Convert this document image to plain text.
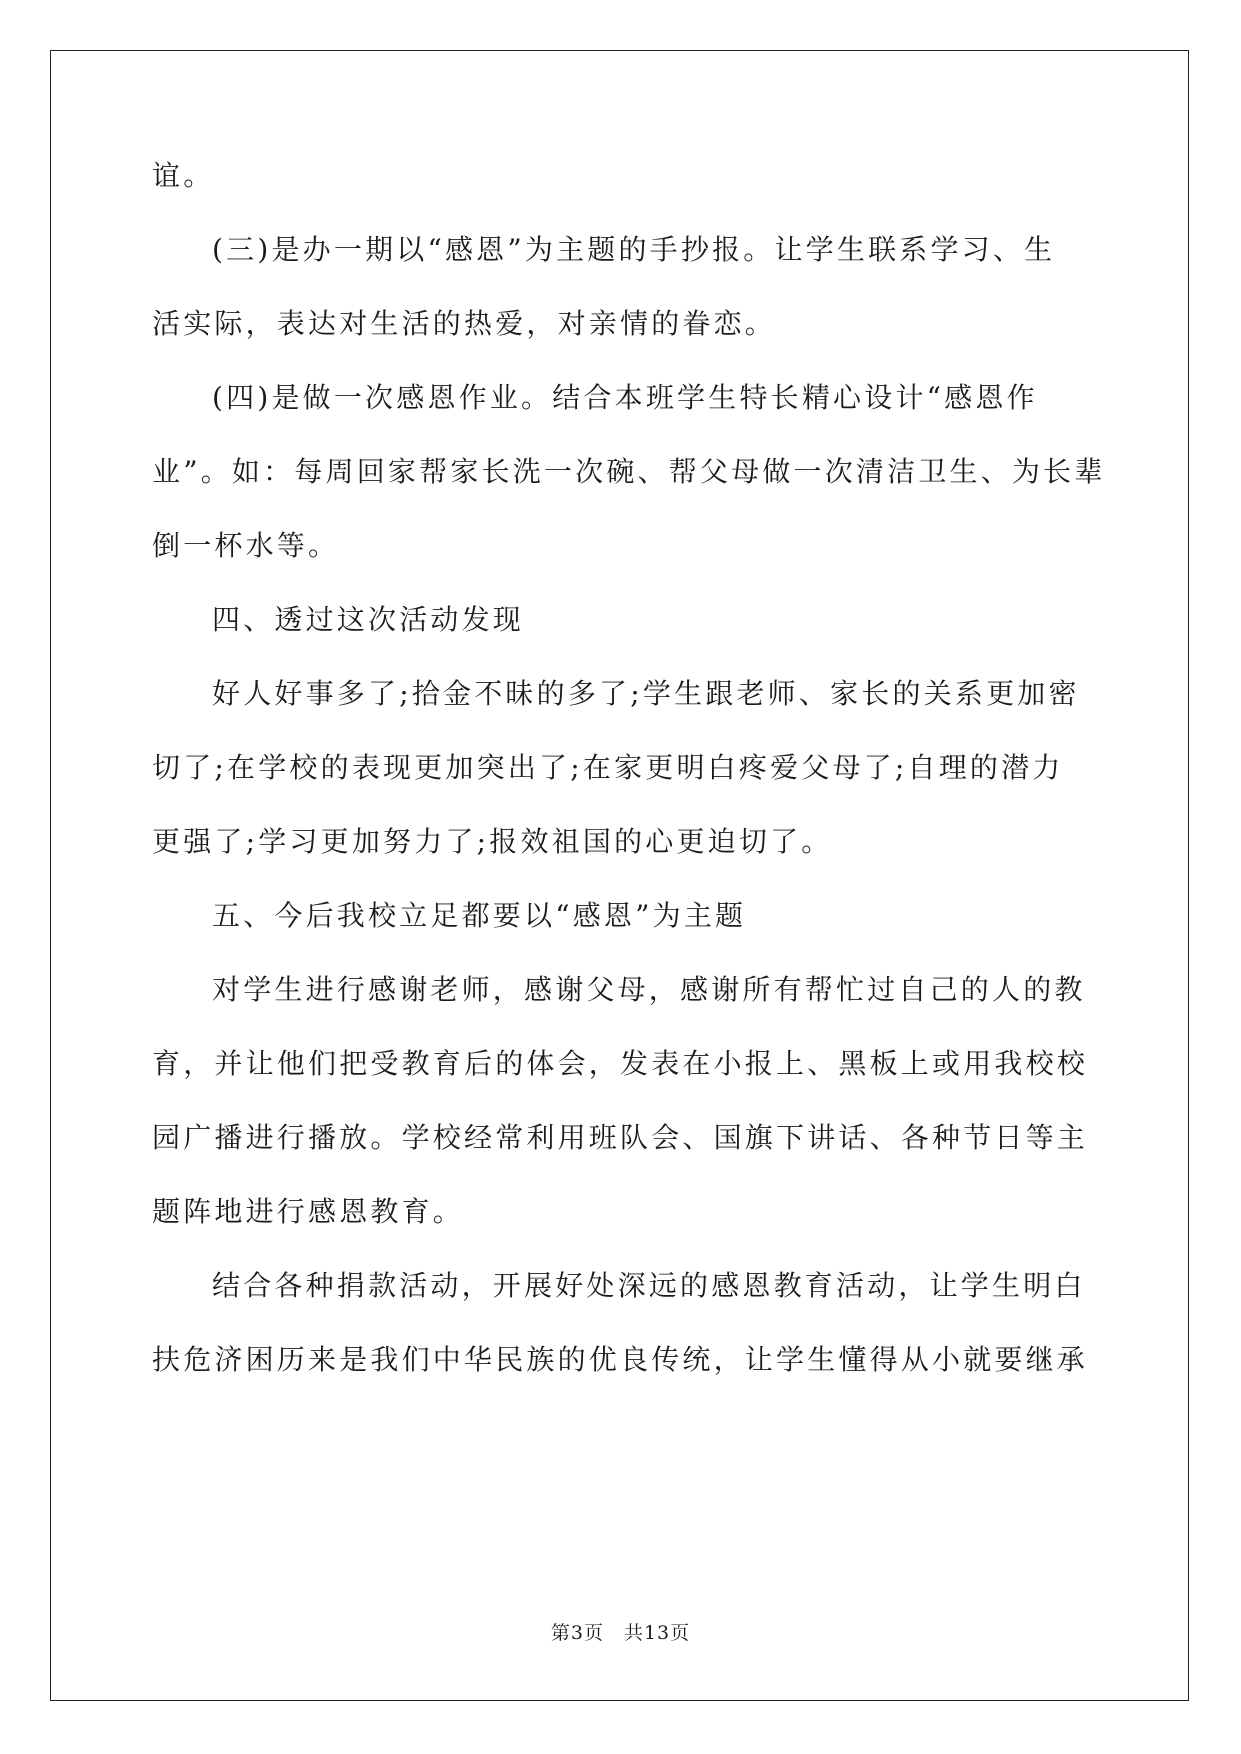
谊。
(三)是办一期以“感恩”为主题的手抄报。让学生联系学习、生
活实际，表达对生活的热爱，对亲情的眷恋。
(四)是做一次感恩作业。结合本班学生特长精心设计“感恩作
业”。如：每周回家帮家长洗一次碗、帮父母做一次清洁卫生、为长辈
倒一杯水等。
四、透过这次活动发现
好人好事多了;拾金不昧的多了;学生跟老师、家长的关系更加密
切了;在学校的表现更加突出了;在家更明白疼爱父母了;自理的潜力
更强了;学习更加努力了;报效祖国的心更迫切了。
五、今后我校立足都要以“感恩”为主题
对学生进行感谢老师，感谢父母，感谢所有帮忙过自己的人的教
育，并让他们把受教育后的体会，发表在小报上、黑板上或用我校校
园广播进行播放。学校经常利用班队会、国旗下讲话、各种节日等主
题阵地进行感恩教育。
结合各种捐款活动，开展好处深远的感恩教育活动，让学生明白
扶危济困历来是我们中华民族的优良传统，让学生懂得从小就要继承
第3页　共13页
